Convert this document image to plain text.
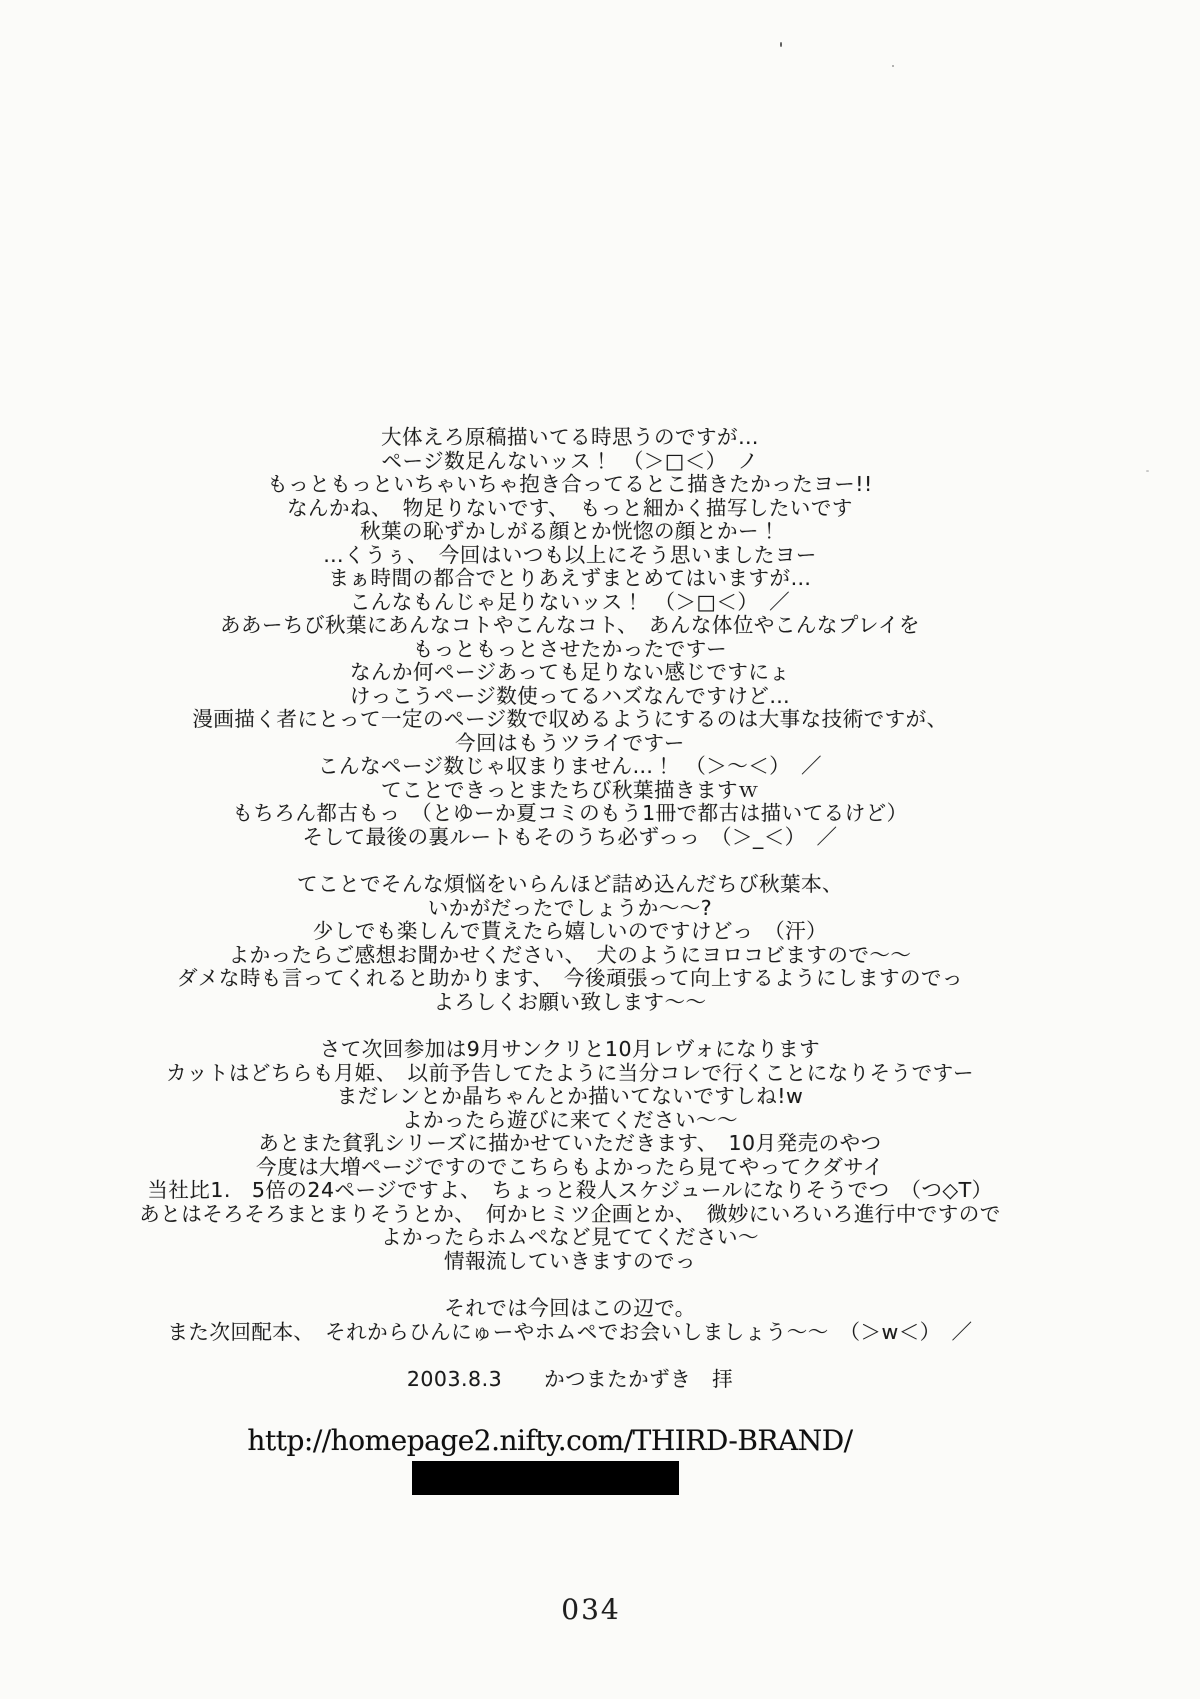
大体えろ原稿描いてる時思うのですが…
ページ数足んないッス！　（＞□＜）　ノ
もっともっといちゃいちゃ抱き合ってるとこ描きたかったヨー!!
なんかね、　物足りないです、　もっと細かく描写したいです
秋葉の恥ずかしがる顔とか恍惚の顔とかー！
…くうぅ、　今回はいつも以上にそう思いましたヨー
まぁ時間の都合でとりあえずまとめてはいますが…
こんなもんじゃ足りないッス！　（＞□＜）　／
ああーちび秋葉にあんなコトやこんなコト、　あんな体位やこんなプレイを
もっともっとさせたかったですー
なんか何ページあっても足りない感じですにょ
けっこうページ数使ってるハズなんですけど…
漫画描く者にとって一定のページ数で収めるようにするのは大事な技術ですが、
今回はもうツライですー
こんなページ数じゃ収まりません…！　（＞～＜）　／
てことできっとまたちび秋葉描きますｗ
もちろん都古もっ　（とゆーか夏コミのもう1冊で都古は描いてるけど）
そして最後の裏ルートもそのうち必ずっっ　（＞_＜）　／
てことでそんな煩悩をいらんほど詰め込んだちび秋葉本、
いかがだったでしょうか～～?
少しでも楽しんで貰えたら嬉しいのですけどっ　（汗）
よかったらご感想お聞かせください、　犬のようにヨロコビますので～～
ダメな時も言ってくれると助かります、　今後頑張って向上するようにしますのでっ
よろしくお願い致します～～
さて次回参加は9月サンクリと10月レヴォになります
カットはどちらも月姫、　以前予告してたように当分コレで行くことになりそうですー
まだレンとか晶ちゃんとか描いてないですしね!w
よかったら遊びに来てください～～
あとまた貧乳シリーズに描かせていただきます、　10月発売のやつ
今度は大増ページですのでこちらもよかったら見てやってクダサイ
当社比1.　5倍の24ページですよ、　ちょっと殺人スケジュールになりそうでつ　（つ◇T）
あとはそろそろまとまりそうとか、　何かヒミツ企画とか、　微妙にいろいろ進行中ですので
よかったらホムペなど見ててください～
情報流していきますのでっ
それでは今回はこの辺で。
また次回配本、　それからひんにゅーやホムペでお会いしましょう～～　（＞w＜）　／
2003.8.3　　かつまたかずき　拝
http://homepage2.nifty.com/THIRD-BRAND/
034
